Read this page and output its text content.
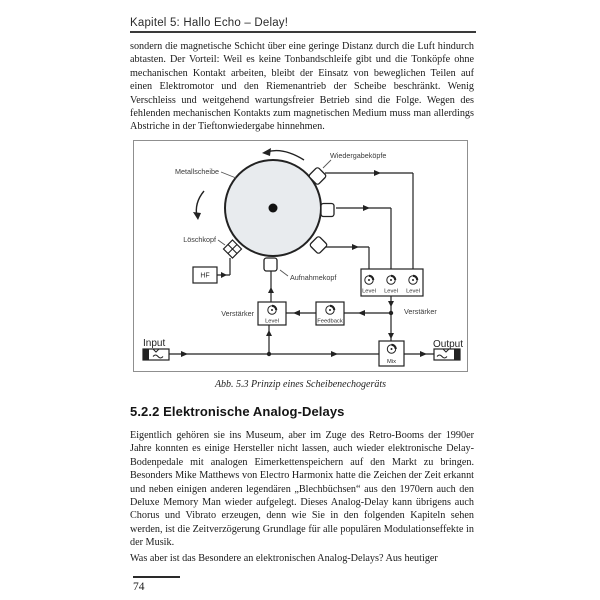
Kapitel 5: Hallo Echo – Delay!

sondern die magnetische Schicht über eine geringe Distanz durch die Luft hindurch abtasten. Der Vorteil: Weil es keine Tonbandschleife gibt und die Tonköpfe ohne mechanischen Kontakt arbeiten, bleibt der Einsatz von beweglichen Teilen auf einen Elektromotor und den Riemenantrieb der Scheibe beschränkt. Wenig Verschleiss und weitgehend wartungsfreier Betrieb sind die Folge. Wegen des fehlenden mechanischen Kontakts zum magnetischen Medium muss man allerdings Abstriche in der Tieftonwiedergabe hinnehmen.

Metallscheibe
Wiedergabeköpfe
Löschkopf
Aufnahmekopf
HF
Verstärker	Verstärker
Level Level Level
Level	Feedback
Mix
Input	Output
Abb. 5.3 Prinzip eines Scheibenechogeräts
5.2.2 Elektronische Analog-Delays

Eigentlich gehören sie ins Museum, aber im Zuge des Retro-Booms der 1990er Jahre konnten es einige Hersteller nicht lassen, auch wieder elektronische Delay-Bodenpedale mit analogen Eimerkettenspeichern auf den Markt zu bringen. Besonders Mike Matthews von Electro Harmonix hatte die Zeichen der Zeit erkannt und neben einigen anderen legendären „Blechbüchsen“ aus den 1970ern auch den Deluxe Memory Man wieder aufgelegt. Dieses Analog-Delay kann übrigens auch Chorus und Vibrato erzeugen, denn wie Sie in den folgenden Kapiteln sehen werden, ist die Zeitverzögerung Grundlage für alle populären Modulationseffekte in der Musik.

Was aber ist das Besondere an elektronischen Analog-Delays? Aus heutiger

74
